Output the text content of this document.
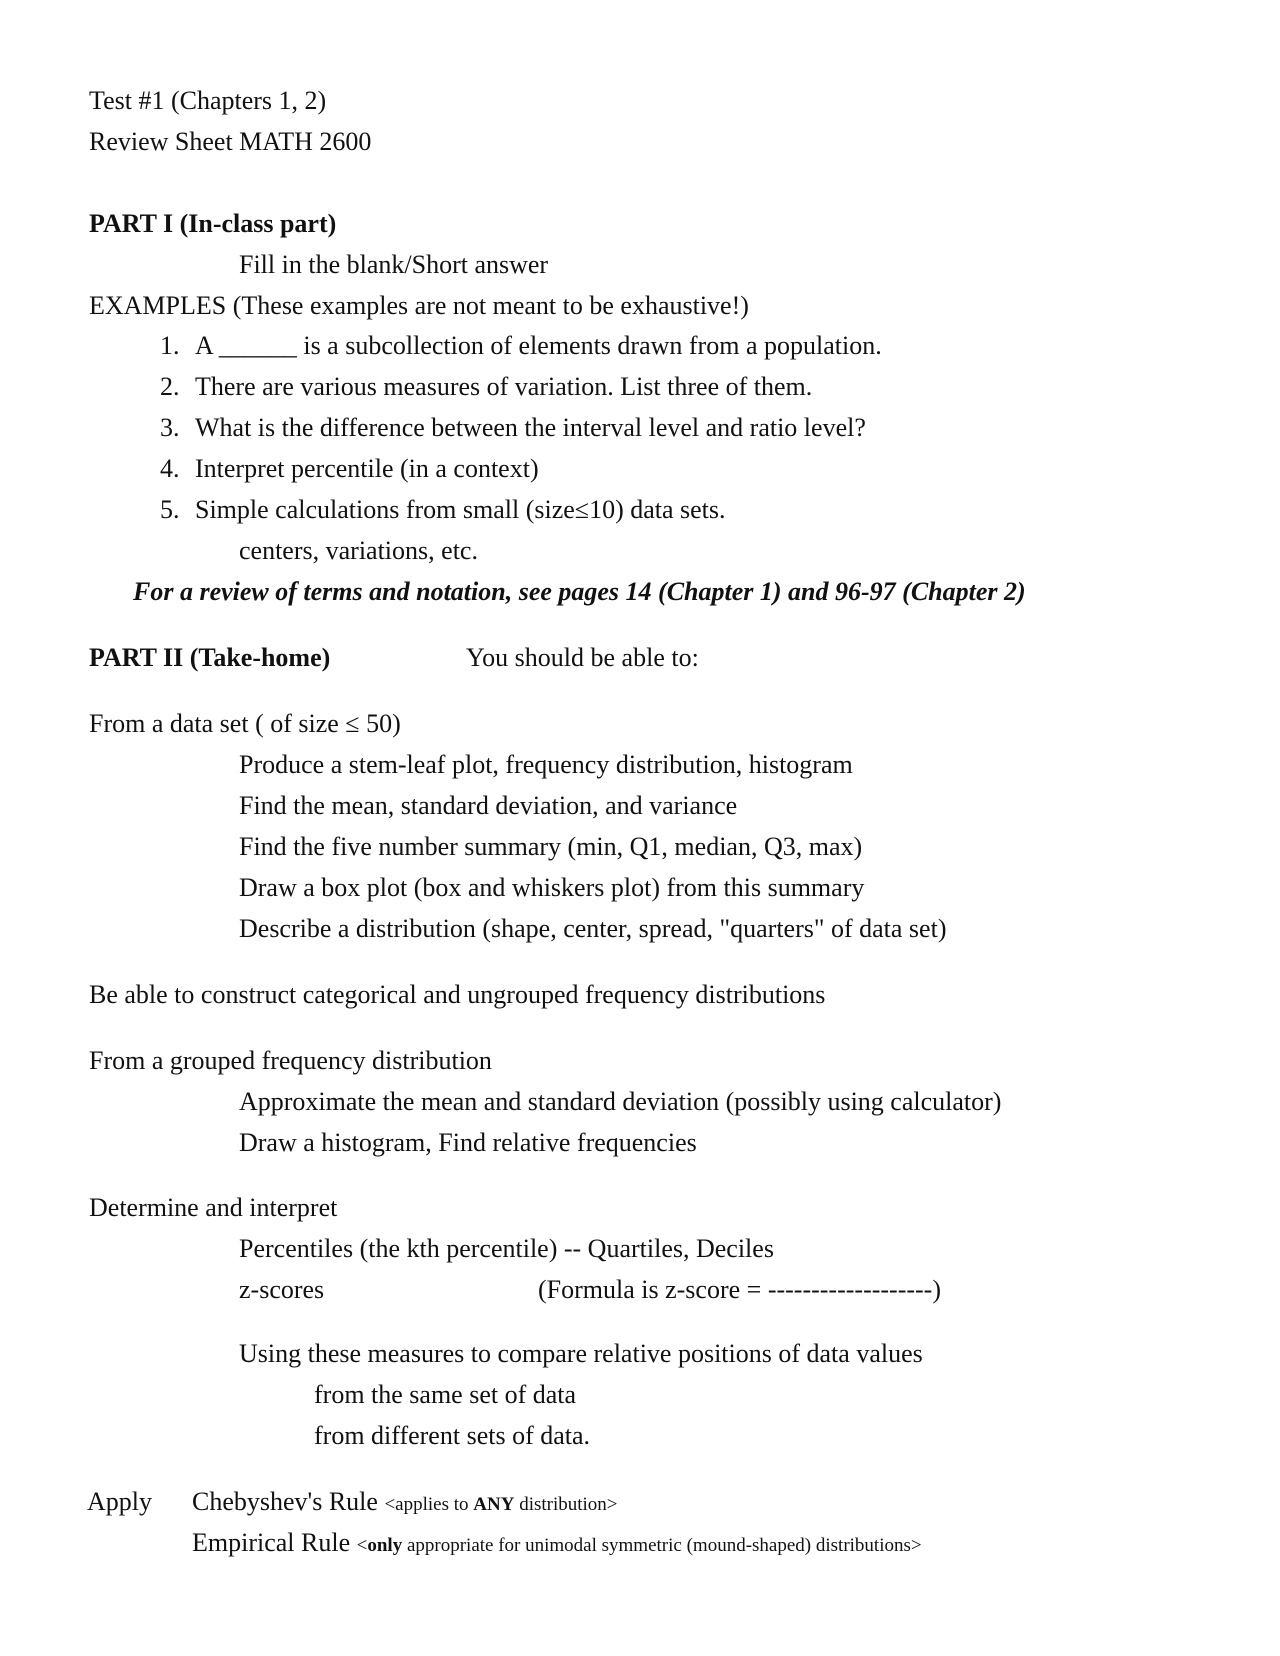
Test #1 (Chapters 1, 2)
Review Sheet MATH 2600
PART I (In-class part)
Fill in the blank/Short answer
EXAMPLES (These examples are not meant to be exhaustive!)
1. A ______ is a subcollection of elements drawn from a population.
2. There are various measures of variation. List three of them.
3. What is the difference between the interval level and ratio level?
4. Interpret percentile (in a context)
5. Simple calculations from small (size≤10) data sets.
centers, variations, etc.
For a review of terms and notation, see pages 14 (Chapter 1) and 96-97 (Chapter 2)
PART II (Take-home)	You should be able to:
From a data set ( of size ≤ 50)
Produce a stem-leaf plot, frequency distribution, histogram
Find the mean, standard deviation, and variance
Find the five number summary (min, Q1, median, Q3, max)
Draw a box plot (box and whiskers plot) from this summary
Describe a distribution (shape, center, spread, "quarters" of data set)
Be able to construct categorical and ungrouped frequency distributions
From a grouped frequency distribution
Approximate the mean and standard deviation (possibly using calculator)
Draw a histogram, Find relative frequencies
Determine and interpret
Percentiles (the kth percentile) -- Quartiles, Deciles
z-scores	(Formula is z-score = -------------------)
Using these measures to compare relative positions of data values
from the same set of data
from different sets of data.
Apply Chebyshev's Rule <applies to ANY distribution>
Empirical Rule <only appropriate for unimodal symmetric (mound-shaped) distributions>
